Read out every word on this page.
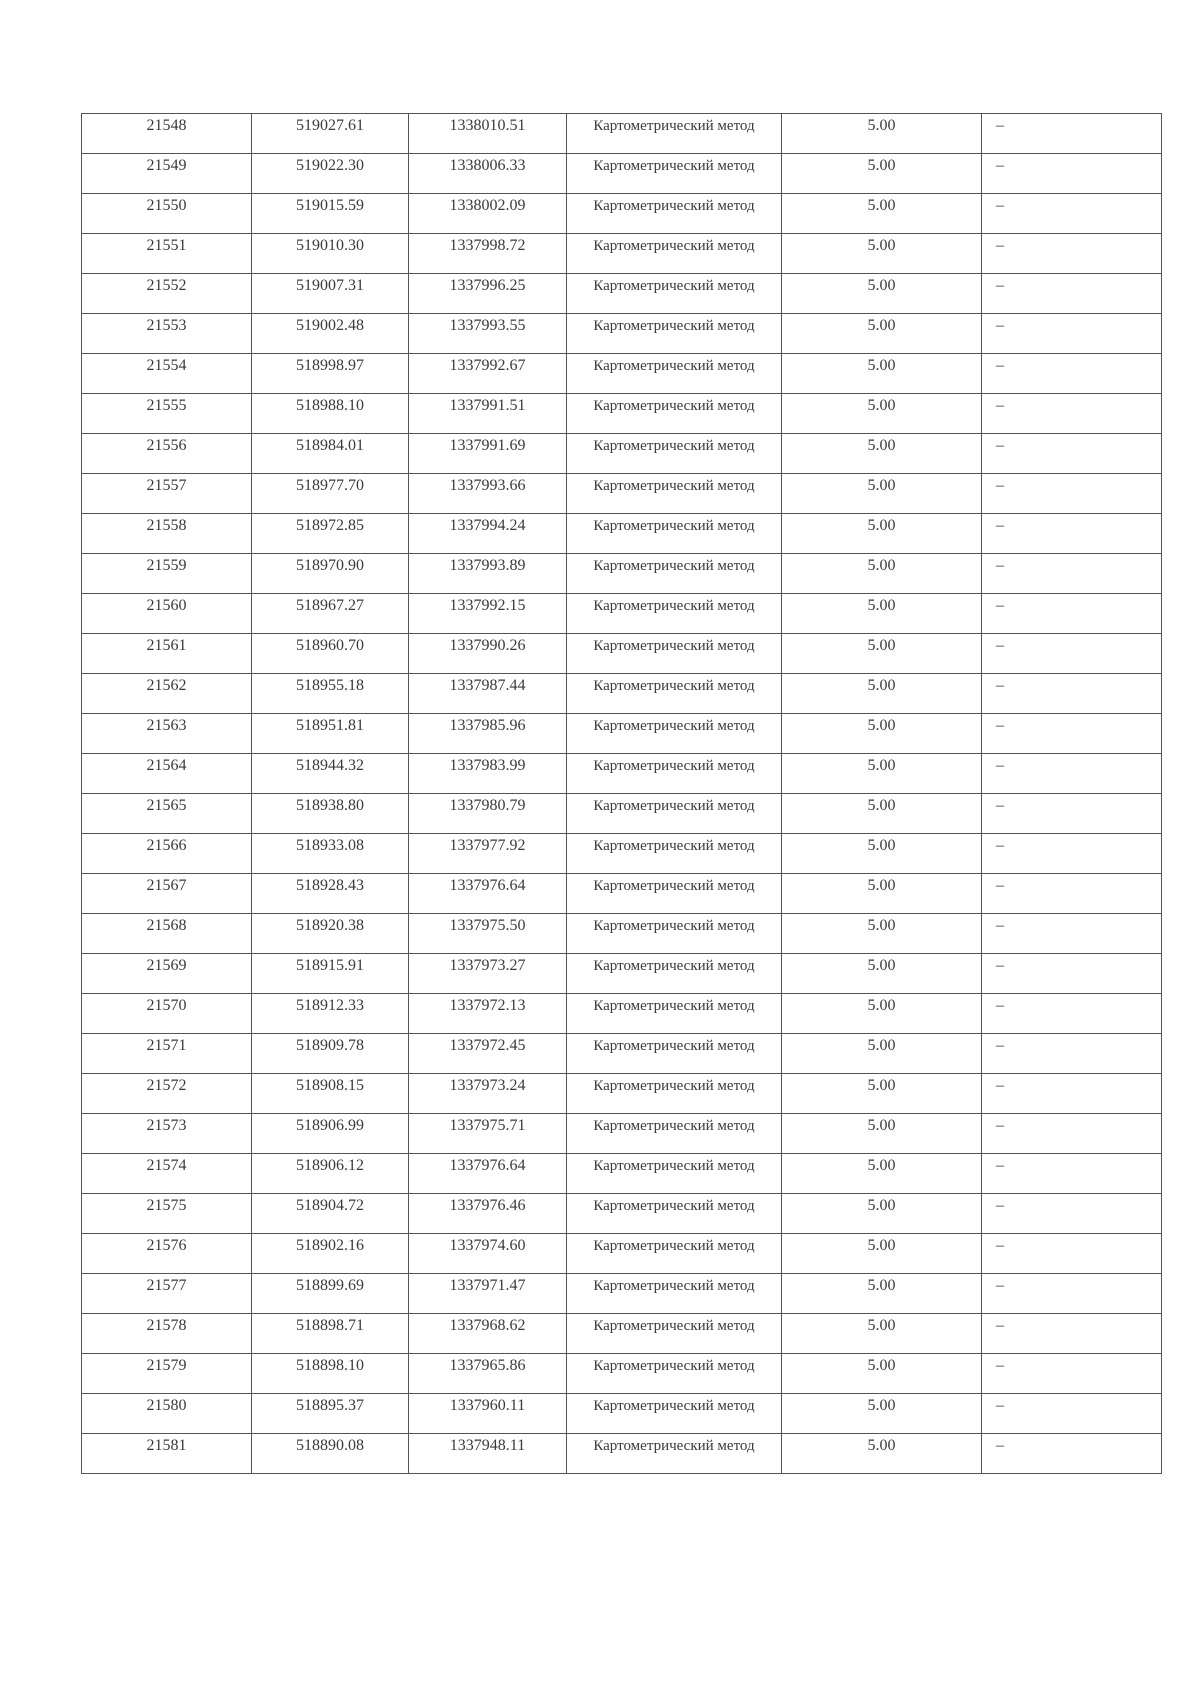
21548	519027.61	1338010.51	Картометрический метод	5.00	–
21549	519022.30	1338006.33	Картометрический метод	5.00	–
21550	519015.59	1338002.09	Картометрический метод	5.00	–
21551	519010.30	1337998.72	Картометрический метод	5.00	–
21552	519007.31	1337996.25	Картометрический метод	5.00	–
21553	519002.48	1337993.55	Картометрический метод	5.00	–
21554	518998.97	1337992.67	Картометрический метод	5.00	–
21555	518988.10	1337991.51	Картометрический метод	5.00	–
21556	518984.01	1337991.69	Картометрический метод	5.00	–
21557	518977.70	1337993.66	Картометрический метод	5.00	–
21558	518972.85	1337994.24	Картометрический метод	5.00	–
21559	518970.90	1337993.89	Картометрический метод	5.00	–
21560	518967.27	1337992.15	Картометрический метод	5.00	–
21561	518960.70	1337990.26	Картометрический метод	5.00	–
21562	518955.18	1337987.44	Картометрический метод	5.00	–
21563	518951.81	1337985.96	Картометрический метод	5.00	–
21564	518944.32	1337983.99	Картометрический метод	5.00	–
21565	518938.80	1337980.79	Картометрический метод	5.00	–
21566	518933.08	1337977.92	Картометрический метод	5.00	–
21567	518928.43	1337976.64	Картометрический метод	5.00	–
21568	518920.38	1337975.50	Картометрический метод	5.00	–
21569	518915.91	1337973.27	Картометрический метод	5.00	–
21570	518912.33	1337972.13	Картометрический метод	5.00	–
21571	518909.78	1337972.45	Картометрический метод	5.00	–
21572	518908.15	1337973.24	Картометрический метод	5.00	–
21573	518906.99	1337975.71	Картометрический метод	5.00	–
21574	518906.12	1337976.64	Картометрический метод	5.00	–
21575	518904.72	1337976.46	Картометрический метод	5.00	–
21576	518902.16	1337974.60	Картометрический метод	5.00	–
21577	518899.69	1337971.47	Картометрический метод	5.00	–
21578	518898.71	1337968.62	Картометрический метод	5.00	–
21579	518898.10	1337965.86	Картометрический метод	5.00	–
21580	518895.37	1337960.11	Картометрический метод	5.00	–
21581	518890.08	1337948.11	Картометрический метод	5.00	–
